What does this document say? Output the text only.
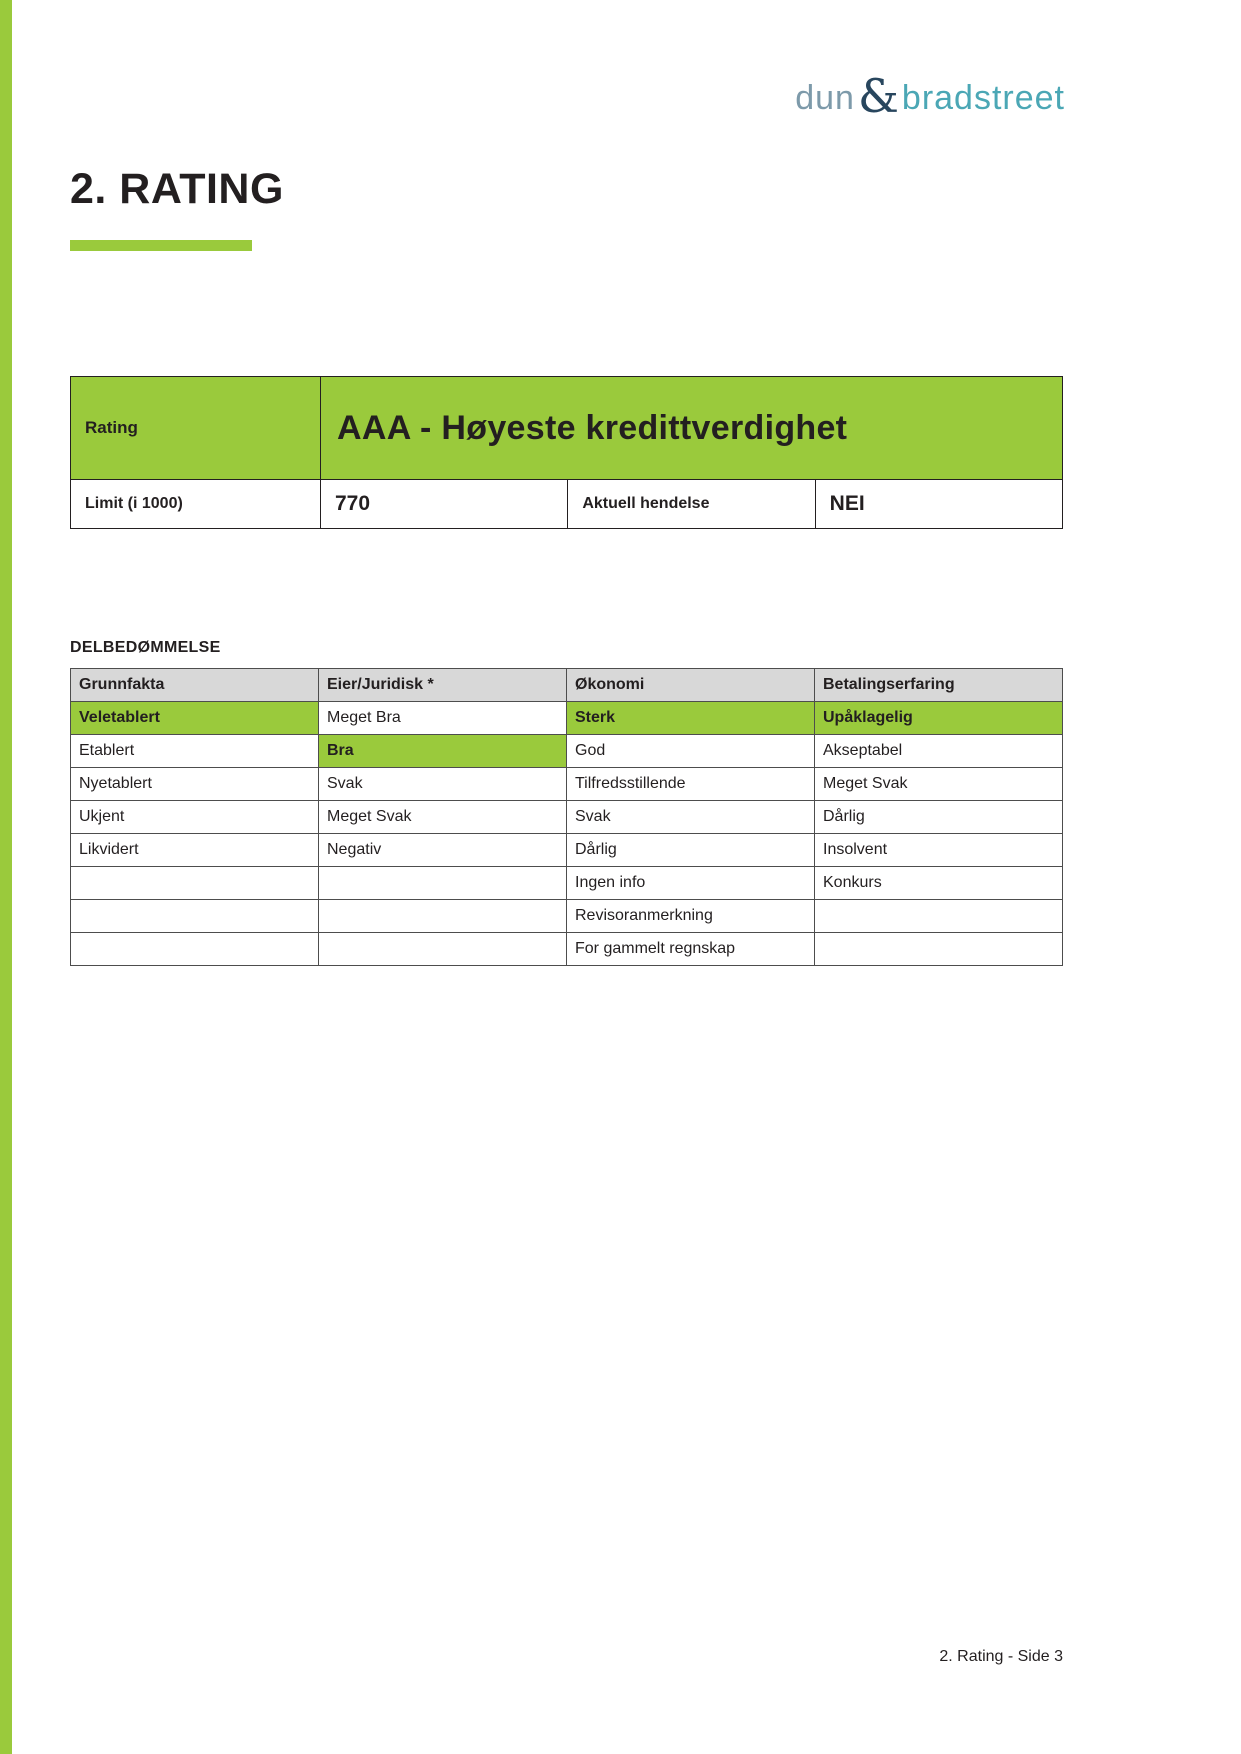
dun & bradstreet
2. RATING
Rating	AAA - Høyeste kredittverdighet		
Limit (i 1000)	770	Aktuell hendelse	NEI
DELBEDØMMELSE
Grunnfakta	Eier/Juridisk *	Økonomi	Betalingserfaring
Veletablert	Meget Bra	Sterk	Upåklagelig
Etablert	Bra	God	Akseptabel
Nyetablert	Svak	Tilfredsstillende	Meget Svak
Ukjent	Meget Svak	Svak	Dårlig
Likvidert	Negativ	Dårlig	Insolvent
		Ingen info	Konkurs
		Revisoranmerkning	
		For gammelt regnskap	
2. Rating - Side 3
